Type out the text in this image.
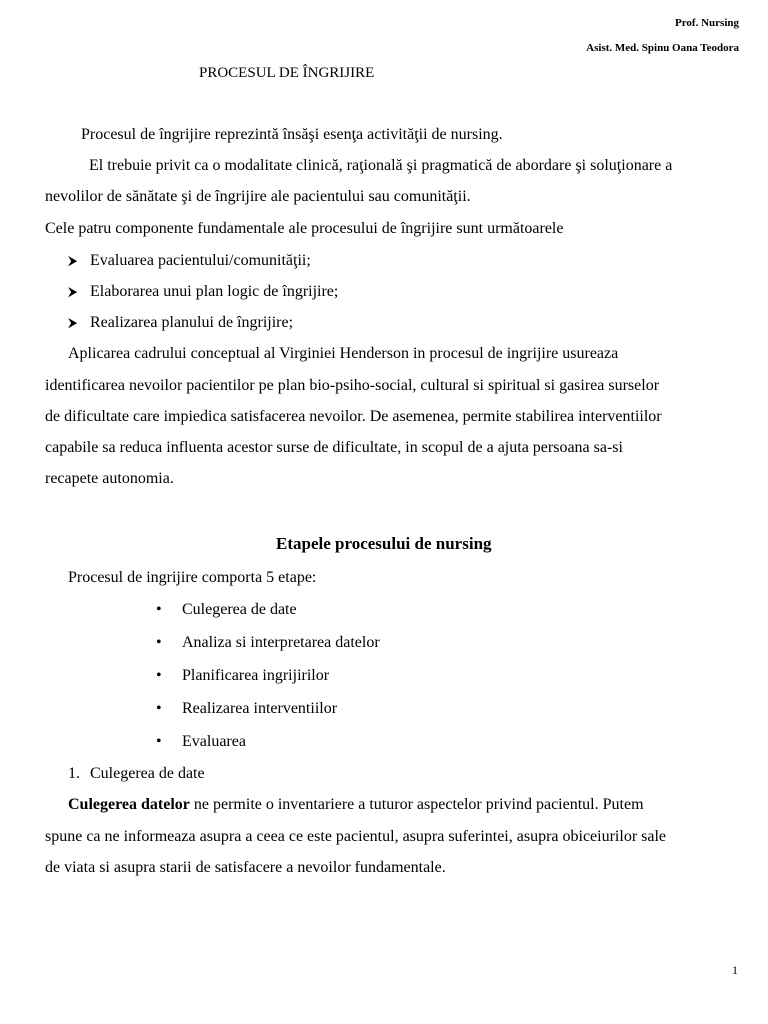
Prof. Nursing
Asist. Med. Spinu Oana Teodora
PROCESUL DE ÎNGRIJIRE
Procesul de îngrijire reprezintă însăşi esenţa activităţii de nursing.
El trebuie privit ca o modalitate clinică, raţională şi pragmatică de abordare şi soluţionare a
nevolilor de sănătate şi de îngrijire ale pacientului sau comunităţii.
Cele patru componente fundamentale ale procesului de îngrijire sunt următoarele
⮞ Evaluarea pacientului/comunităţii;
⮞ Elaborarea unui plan logic de îngrijire;
⮞ Realizarea planului de îngrijire;
Aplicarea cadrului conceptual al Virginiei Henderson in procesul de ingrijire usureaza
identificarea nevoilor pacientilor pe plan bio-psiho-social, cultural si spiritual si gasirea surselor
de dificultate care impiedica satisfacerea nevoilor. De asemenea, permite stabilirea interventiilor
capabile sa reduca influenta acestor surse de dificultate, in scopul de a ajuta persoana sa-si
recapete autonomia.
Etapele procesului de nursing
Procesul de ingrijire comporta 5 etape:
• Culegerea de date
• Analiza si interpretarea datelor
• Planificarea ingrijirilor
• Realizarea interventiilor
• Evaluarea
1. Culegerea de date
Culegerea datelor ne permite o inventariere a tuturor aspectelor privind pacientul. Putem
spune ca ne informeaza asupra a ceea ce este pacientul, asupra suferintei, asupra obiceiurilor sale
de viata si asupra starii de satisfacere a nevoilor fundamentale.
1
